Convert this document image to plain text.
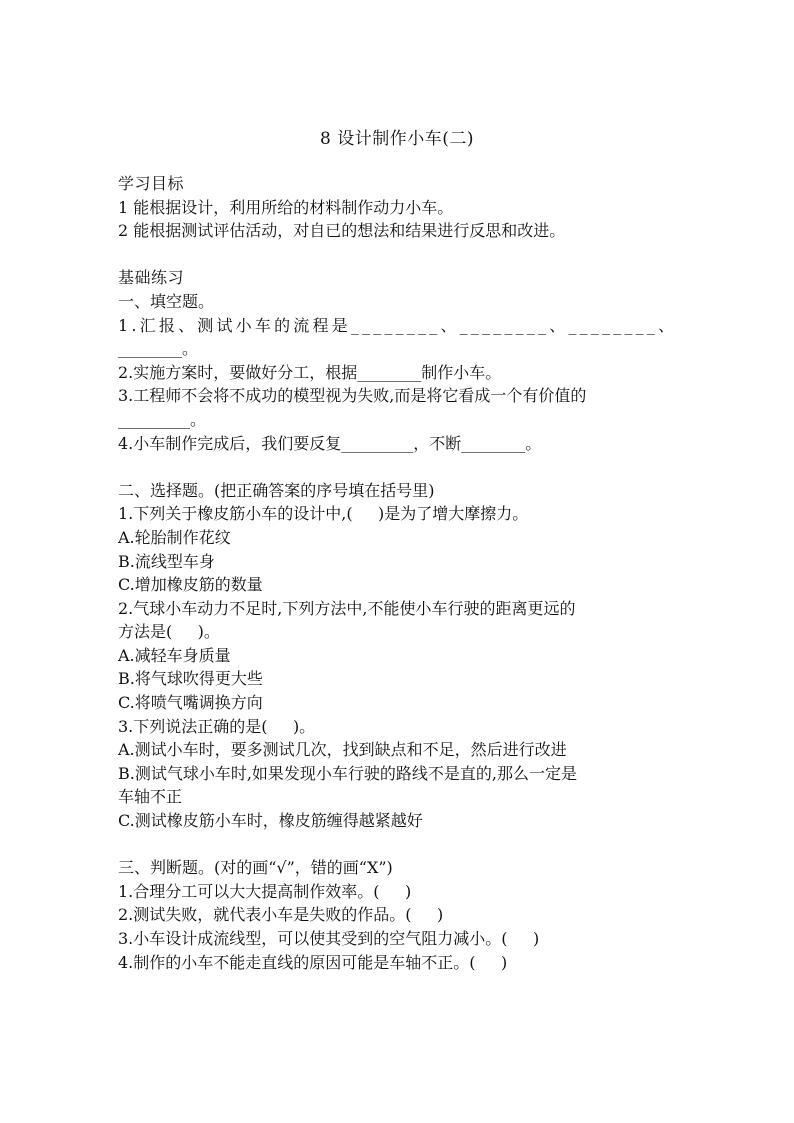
8 设计制作小车(二)
学习目标
1 能根据设计，利用所给的材料制作动力小车。
2 能根据测试评估活动，对自已的想法和结果进行反思和改进。
基础练习
一、填空题。
1.汇报、测试小车的流程是________、________、________、
________。
2.实施方案时，要做好分工，根据________制作小车。
3.工程师不会将不成功的模型视为失败,而是将它看成一个有价值的
_________。
4.小车制作完成后，我们要反复_________，不断________。
二、选择题。(把正确答案的序号填在括号里)
1.下列关于橡皮筋小车的设计中,(     )是为了增大摩擦力。
A.轮胎制作花纹
B.流线型车身
C.增加橡皮筋的数量
2.气球小车动力不足时,下列方法中,不能使小车行驶的距离更远的
方法是(     )。
A.减轻车身质量
B.将气球吹得更大些
C.将喷气嘴调换方向
3.下列说法正确的是(     )。
A.测试小车时，要多测试几次，找到缺点和不足，然后进行改进
B.测试气球小车时,如果发现小车行驶的路线不是直的,那么一定是
车轴不正
C.测试橡皮筋小车时，橡皮筋缠得越紧越好
三、判断题。(对的画“√”，错的画“X”)
1.合理分工可以大大提高制作效率。(     )
2.测试失败，就代表小车是失败的作品。(     )
3.小车设计成流线型，可以使其受到的空气阻力减小。(     )
4.制作的小车不能走直线的原因可能是车轴不正。(     )
